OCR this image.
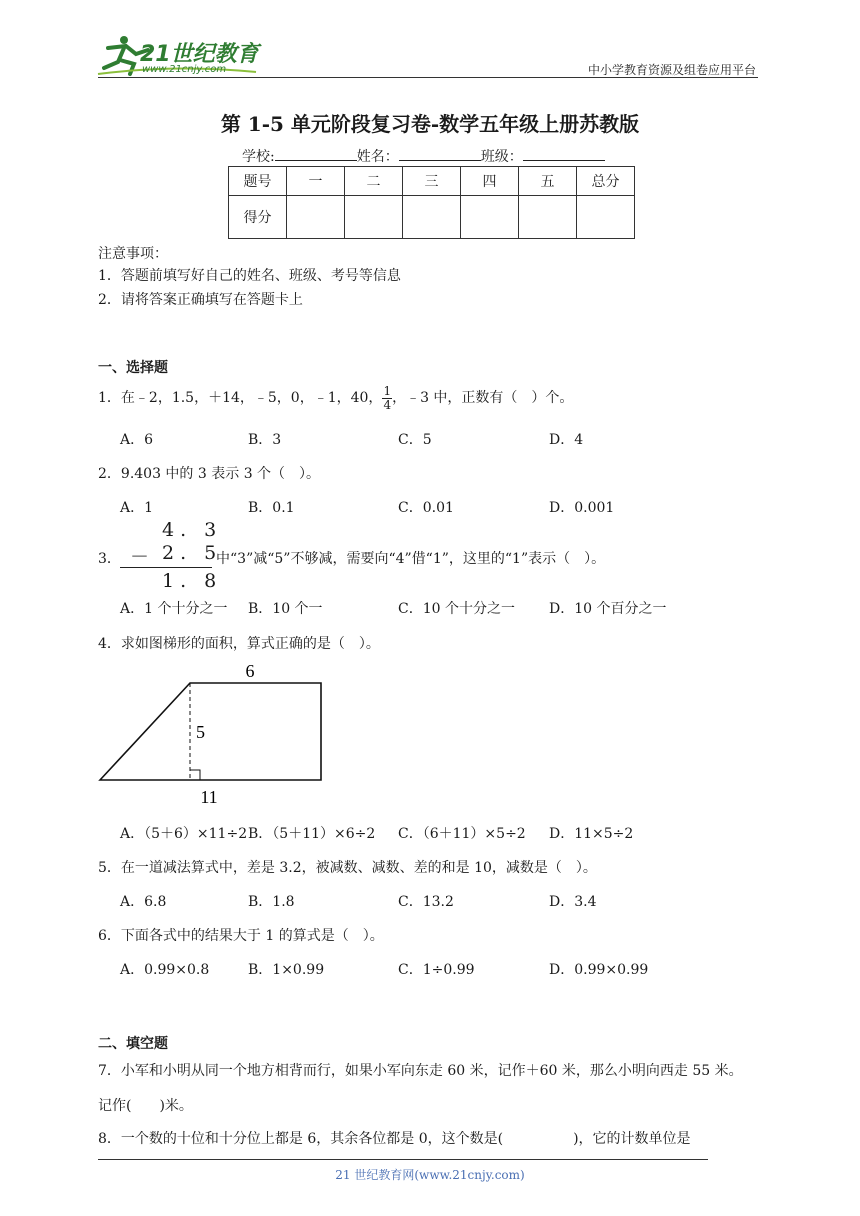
21世纪教育
www.21cnjy.com	中小学教育资源及组卷应用平台
第 1-5 单元阶段复习卷-数学五年级上册苏教版
学校:	姓名：	班级：
题号	一	二	三	四	五	总分
得分						
注意事项：
1．答题前填写好自己的姓名、班级、考号等信息
2．请将答案正确填写在答题卡上
一、选择题
1．在﹣2，1.5，＋14，﹣5，0，﹣1，40， $\frac{1}{4}$ ，﹣3 中，正数有（　）个。
A．6	B．3	C．5	D．4
2．9.403 中的 3 表示 3 个（　）。
A．1	B．0.1	C．0.01	D．0.001
3．
4. 3
－ 2. 5
1. 8
中“3”减“5”不够减，需要向“4”借“1”，这里的“1”表示（　）。
A．1 个十分之一 B．10 个一	C．10 个十分之一 D．10 个百分之一
4．求如图梯形的面积，算式正确的是（　）。
6
5
11
A．（5＋6）×11÷2 B．（5＋11）×6÷2 C．（6＋11）×5÷2 D．11×5÷2
5．在一道减法算式中，差是 3.2，被减数、减数、差的和是 10，减数是（　）。
A．6.8	B．1.8	C．13.2	D．3.4
6．下面各式中的结果大于 1 的算式是（　）。
A．0.99×0.8	B．1×0.99	C．1÷0.99	D．0.99×0.99
二、填空题
7．小军和小明从同一个地方相背而行，如果小军向东走 60 米，记作＋60 米，那么小明向西走 55 米。
记作(　　)米。
8．一个数的十位和十分位上都是 6，其余各位都是 0，这个数是(　　　　　)，它的计数单位是
21 世纪教育网(www.21cnjy.com)
